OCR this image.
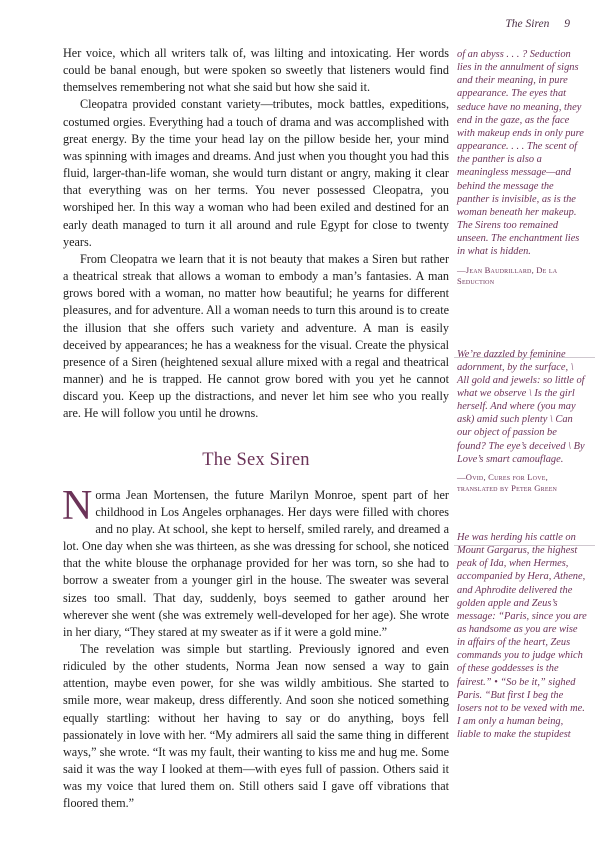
The Siren 9

Her voice, which all writers talk of, was lilting and intoxicating. Her words could be banal enough, but were spoken so sweetly that listeners would find themselves remembering not what she said but how she said it.

Cleopatra provided constant variety—tributes, mock battles, expeditions, costumed orgies. Everything had a touch of drama and was accomplished with great energy. By the time your head lay on the pillow beside her, your mind was spinning with images and dreams. And just when you thought you had this fluid, larger-than-life woman, she would turn distant or angry, making it clear that everything was on her terms. You never possessed Cleopatra, you worshiped her. In this way a woman who had been exiled and destined for an early death managed to turn it all around and rule Egypt for close to twenty years.

From Cleopatra we learn that it is not beauty that makes a Siren but rather a theatrical streak that allows a woman to embody a man’s fantasies. A man grows bored with a woman, no matter how beautiful; he yearns for different pleasures, and for adventure. All a woman needs to turn this around is to create the illusion that she offers such variety and adventure. A man is easily deceived by appearances; he has a weakness for the visual. Create the physical presence of a Siren (heightened sexual allure mixed with a regal and theatrical manner) and he is trapped. He cannot grow bored with you yet he cannot discard you. Keep up the distractions, and never let him see who you really are. He will follow you until he drowns.

The Sex Siren

Norma Jean Mortensen, the future Marilyn Monroe, spent part of her childhood in Los Angeles orphanages. Her days were filled with chores and no play. At school, she kept to herself, smiled rarely, and dreamed a lot. One day when she was thirteen, as she was dressing for school, she noticed that the white blouse the orphanage provided for her was torn, so she had to borrow a sweater from a younger girl in the house. The sweater was several sizes too small. That day, suddenly, boys seemed to gather around her wherever she went (she was extremely well-developed for her age). She wrote in her diary, “They stared at my sweater as if it were a gold mine.”

The revelation was simple but startling. Previously ignored and even ridiculed by the other students, Norma Jean now sensed a way to gain attention, maybe even power, for she was wildly ambitious. She started to smile more, wear makeup, dress differently. And soon she noticed something equally startling: without her having to say or do anything, boys fell passionately in love with her. “My admirers all said the same thing in different ways,” she wrote. “It was my fault, their wanting to kiss me and hug me. Some said it was the way I looked at them—with eyes full of passion. Others said it was my voice that lured them on. Still others said I gave off vibrations that floored them.”

of an abyss . . . ? Seduction lies in the annulment of signs and their meaning, in pure appearance. The eyes that seduce have no meaning, they end in the gaze, as the face with makeup ends in only pure appearance. . . . The scent of the panther is also a meaningless message—and behind the message the panther is invisible, as is the woman beneath her makeup. The Sirens too remained unseen. The enchantment lies in what is hidden.

—Jean Baudrillard, De la Seduction

We’re dazzled by feminine adornment, by the surface, \ All gold and jewels: so little of what we observe \ Is the girl herself. And where (you may ask) amid such plenty \ Can our object of passion be found? The eye’s deceived \ By Love’s smart camouflage.

—Ovid, Cures for Love, translated by Peter Green

He was herding his cattle on Mount Gargarus, the highest peak of Ida, when Hermes, accompanied by Hera, Athene, and Aphrodite delivered the golden apple and Zeus’s message: “Paris, since you are as handsome as you are wise in affairs of the heart, Zeus commands you to judge which of these goddesses is the fairest.” • “So be it,” sighed Paris. “But first I beg the losers not to be vexed with me. I am only a human being, liable to make the stupidest
